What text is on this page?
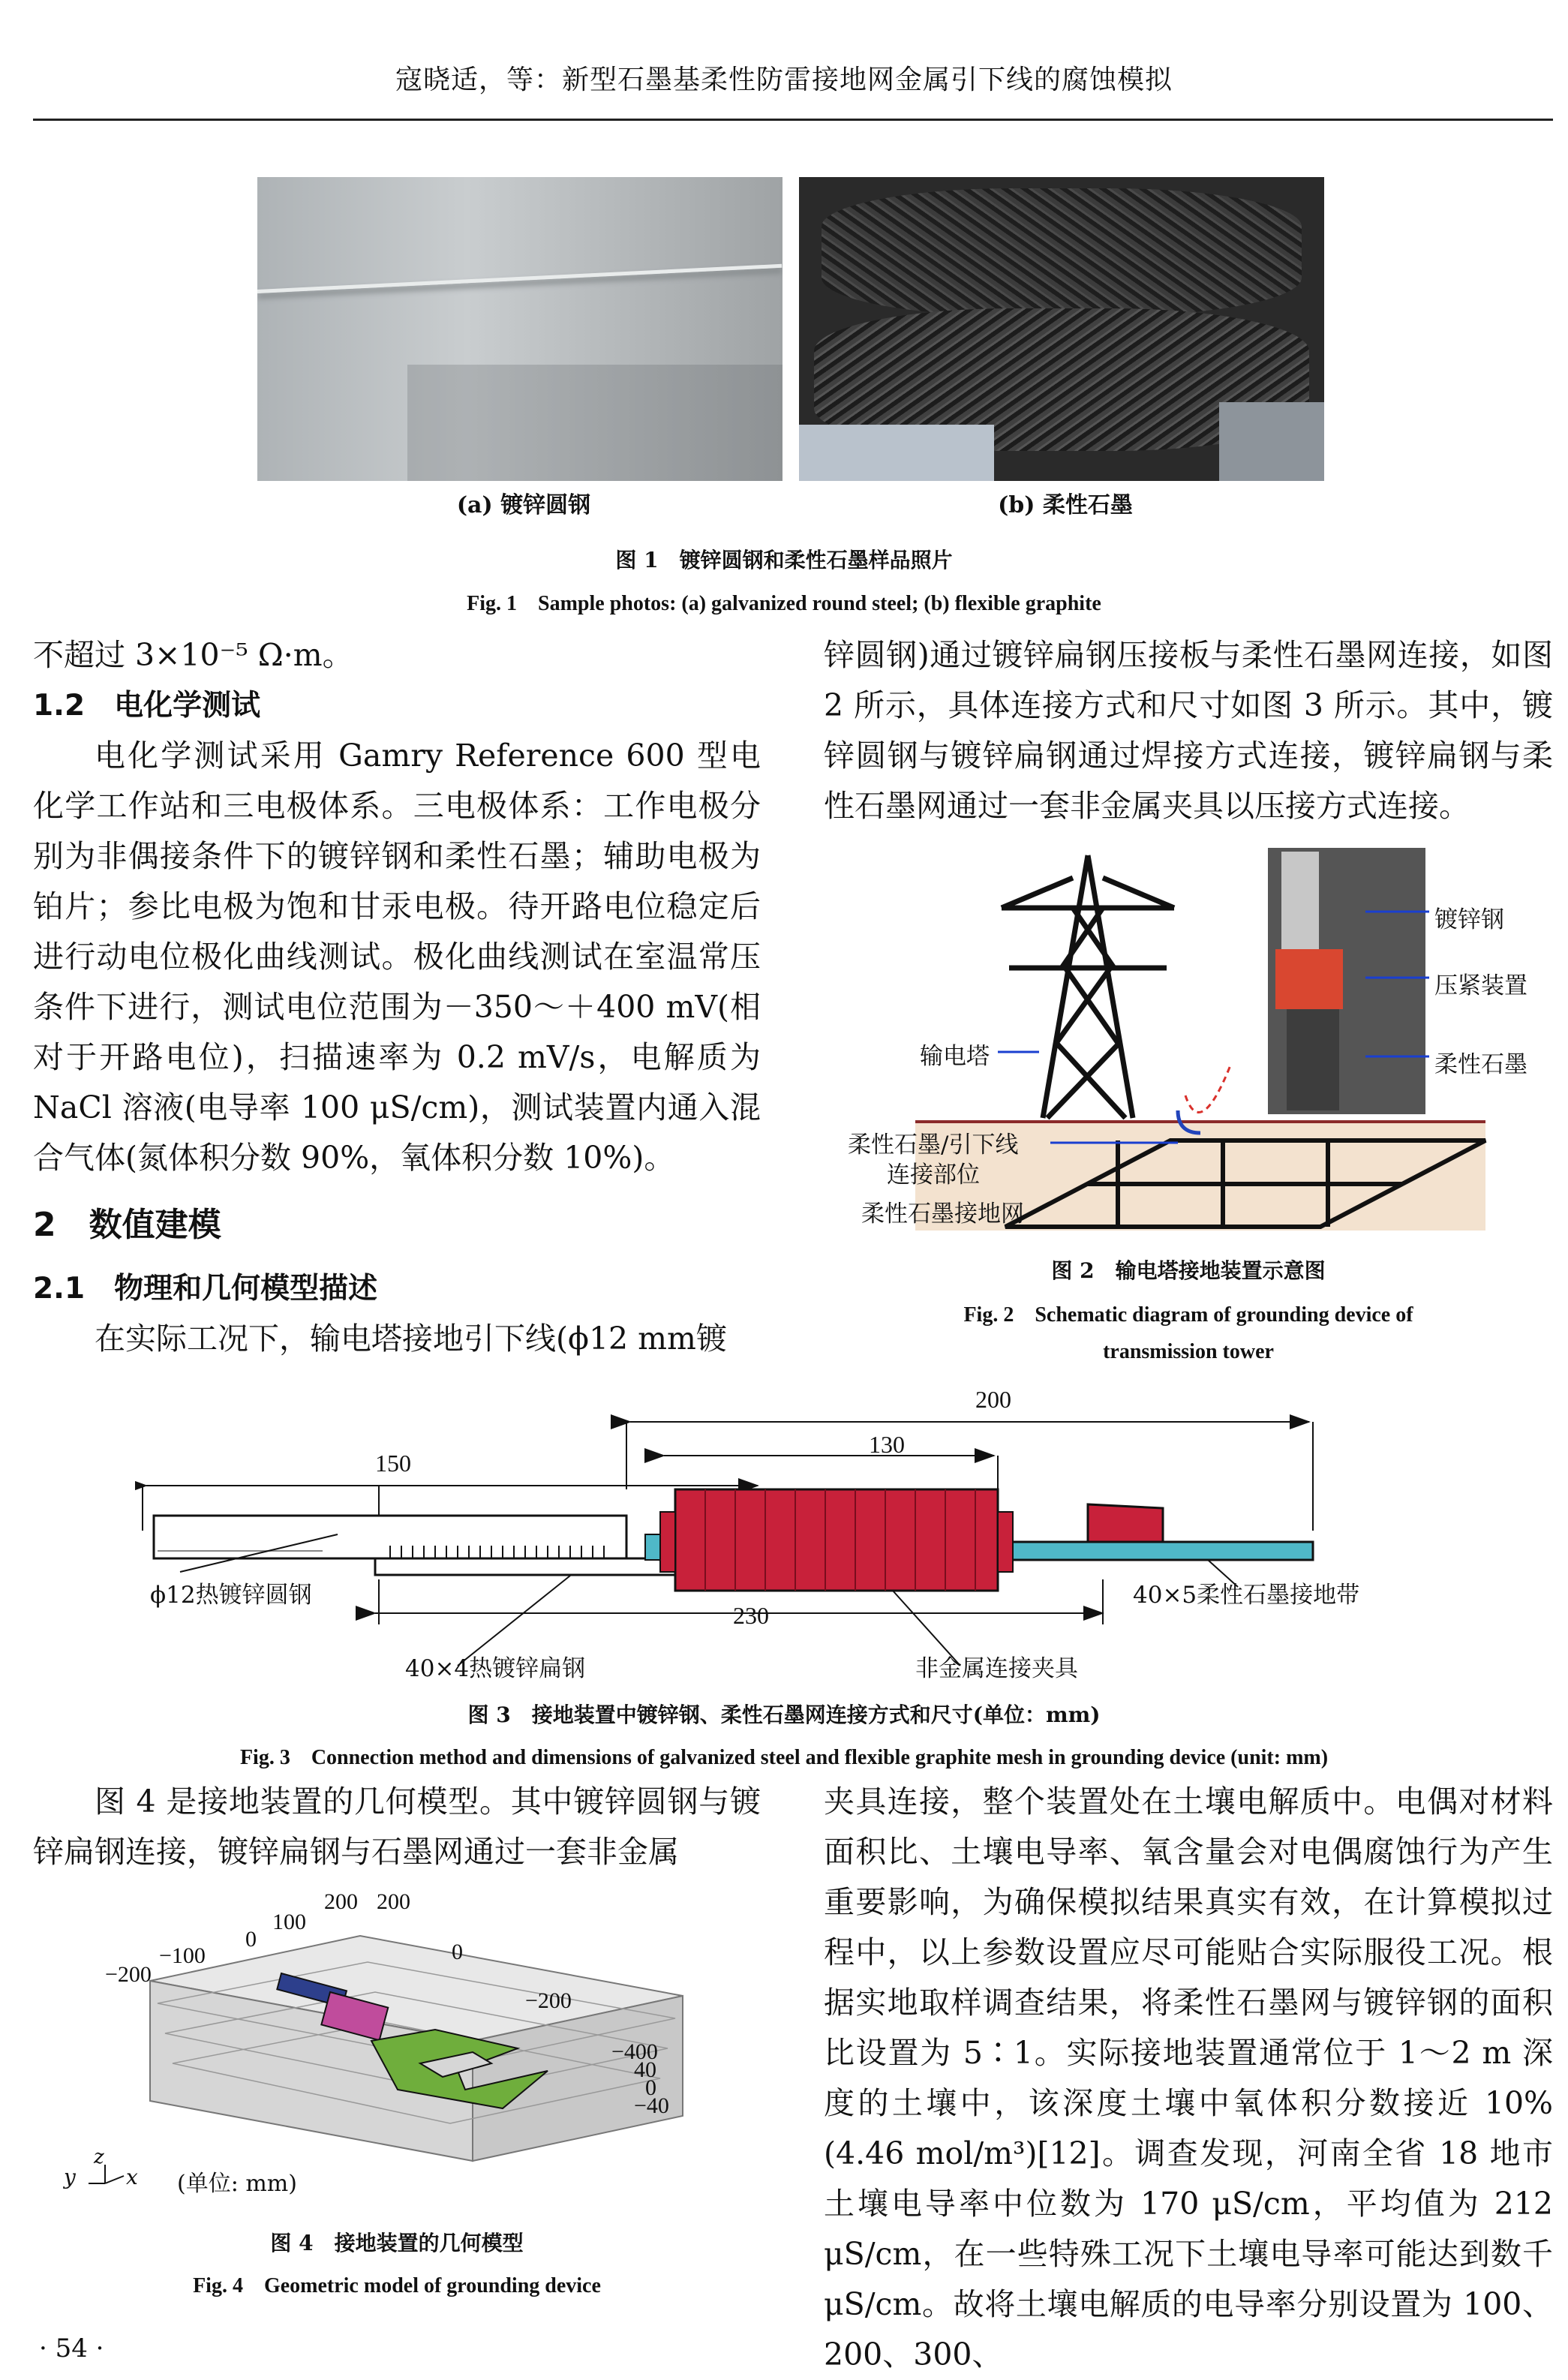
寇晓适，等：新型石墨基柔性防雷接地网金属引下线的腐蚀模拟
(a) 镀锌圆钢	(b) 柔性石墨
图 1　镀锌圆钢和柔性石墨样品照片
Fig. 1　Sample photos: (a) galvanized round steel; (b) flexible graphite

不超过 3×10⁻⁵ Ω·m。

1.2　电化学测试

电化学测试采用 Gamry Reference 600 型电化学工作站和三电极体系。三电极体系：工作电极分别为非偶接条件下的镀锌钢和柔性石墨；辅助电极为铂片；参比电极为饱和甘汞电极。待开路电位稳定后进行动电位极化曲线测试。极化曲线测试在室温常压条件下进行，测试电位范围为－350～＋400 mV(相对于开路电位)，扫描速率为 0.2 mV/s，电解质为 NaCl 溶液(电导率 100 μS/cm)，测试装置内通入混合气体(氮体积分数 90%，氧体积分数 10%)。

2　数值建模

2.1　物理和几何模型描述

在实际工况下，输电塔接地引下线(ϕ12 mm镀

锌圆钢)通过镀锌扁钢压接板与柔性石墨网连接，如图 2 所示，具体连接方式和尺寸如图 3 所示。其中，镀锌圆钢与镀锌扁钢通过焊接方式连接，镀锌扁钢与柔性石墨网通过一套非金属夹具以压接方式连接。

镀锌钢
压紧装置
柔性石墨
输电塔
柔性石墨/引下线
连接部位
柔性石墨接地网
图 2　输电塔接地装置示意图
Fig. 2　Schematic diagram of grounding device of
transmission tower
200
150
130
230
ϕ12热镀锌圆钢
40×4热镀锌扁钢	非金属连接夹具
40×5柔性石墨接地带
图 3　接地装置中镀锌钢、柔性石墨网连接方式和尺寸(单位：mm)
Fig. 3　Connection method and dimensions of galvanized steel and flexible graphite mesh in grounding device (unit: mm)

图 4 是接地装置的几何模型。其中镀锌圆钢与镀锌扁钢连接，镀锌扁钢与石墨网通过一套非金属

200 200
100
0
−100
−200
0
−200
−400
40
0
−40
y
z
x (单位: mm)
图 4　接地装置的几何模型
Fig. 4　Geometric model of grounding device

夹具连接，整个装置处在土壤电解质中。电偶对材料面积比、土壤电导率、氧含量会对电偶腐蚀行为产生重要影响，为确保模拟结果真实有效，在计算模拟过程中，以上参数设置应尽可能贴合实际服役工况。根据实地取样调查结果，将柔性石墨网与镀锌钢的面积比设置为 5∶1。实际接地装置通常位于 1～2 m 深度的土壤中，该深度土壤中氧体积分数接近 10% (4.46 mol/m³)[12]。调查发现，河南全省 18 地市土壤电导率中位数为 170 μS/cm，平均值为 212 μS/cm，在一些特殊工况下土壤电导率可能达到数千 μS/cm。故将土壤电解质的电导率分别设置为 100、200、300、

· 54 ·
